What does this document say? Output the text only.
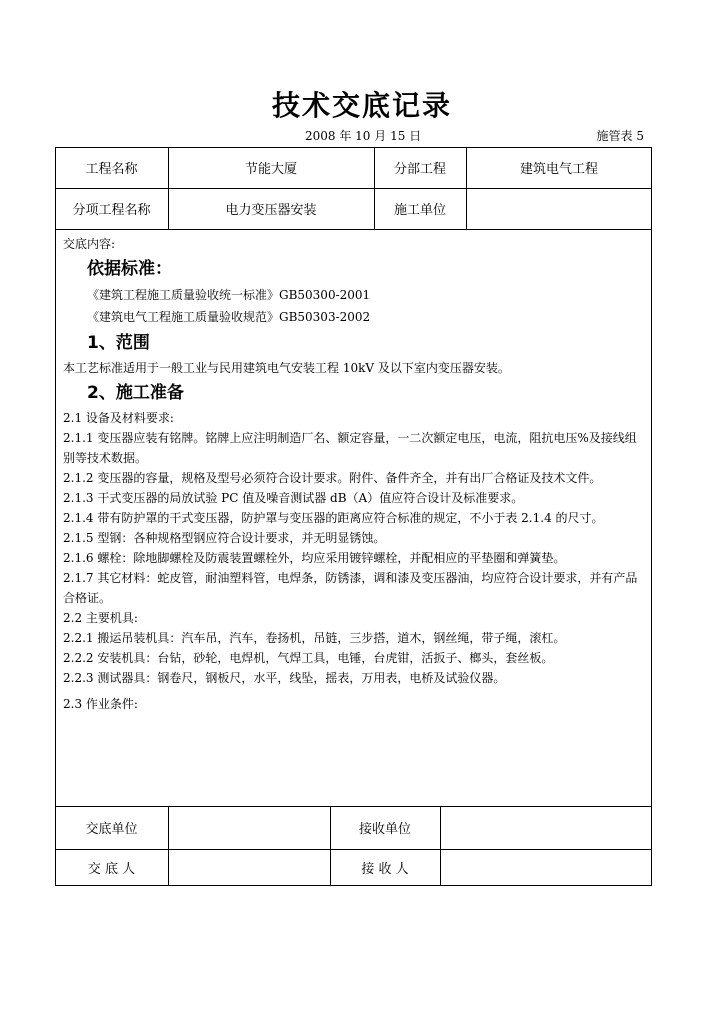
技术交底记录
2008 年 10 月 15 日	施管表 5
工程名称	节能大厦	分部工程	建筑电气工程
分项工程名称	电力变压器安装	施工单位

交底内容:

依据标准：

《建筑工程施工质量验收统一标准》GB50300-2001

《建筑电气工程施工质量验收规范》GB50303-2002

1、范围

本工艺标准适用于一般工业与民用建筑电气安装工程 10kV 及以下室内变压器安装。

2、施工准备

2.1 设备及材料要求:

2.1.1 变压器应装有铭牌。铭牌上应注明制造厂名、额定容量，一二次额定电压，电流，阻抗电压%及接线组别等技术数据。

2.1.2 变压器的容量，规格及型号必须符合设计要求。附件、备件齐全，并有出厂合格证及技术文件。

2.1.3 干式变压器的局放试验 PC 值及噪音测试器 dB（A）值应符合设计及标准要求。

2.1.4 带有防护罩的干式变压器，防护罩与变压器的距离应符合标准的规定，不小于表 2.1.4 的尺寸。

2.1.5 型钢：各种规格型钢应符合设计要求，并无明显锈蚀。

2.1.6 螺栓：除地脚螺栓及防震装置螺栓外，均应采用镀锌螺栓，并配相应的平垫圈和弹簧垫。

2.1.7 其它材料：蛇皮管，耐油塑料管，电焊条，防锈漆，调和漆及变压器油，均应符合设计要求，并有产品合格证。

2.2 主要机具:

2.2.1 搬运吊装机具：汽车吊，汽车，卷扬机，吊链，三步搭，道木，钢丝绳，带子绳，滚杠。

2.2.2 安装机具：台钻，砂轮，电焊机，气焊工具，电锤，台虎钳，活扳子、榔头，套丝板。

2.2.3 测试器具：钢卷尺，钢板尺，水平，线坠，摇表，万用表，电桥及试验仪器。

2.3 作业条件:

交底单位	接收单位
交 底 人	接 收 人
